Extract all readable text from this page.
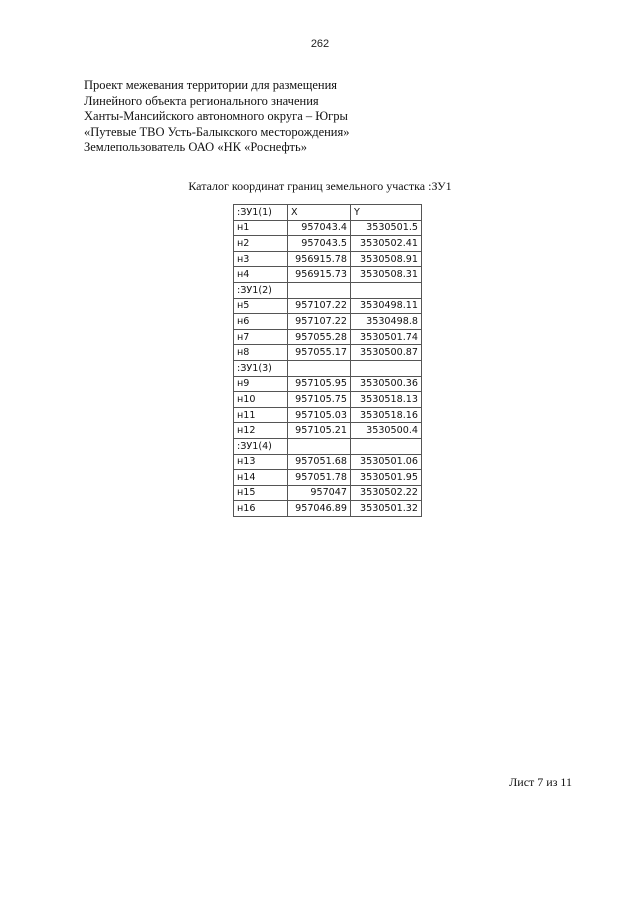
262
Проект межевания территории для размещения
Линейного объекта регионального значения
Ханты-Мансийского автономного округа – Югры
«Путевые ТВО Усть-Балыкского месторождения»
Землепользователь ОАО «НК «Роснефть»
Каталог координат границ земельного участка :ЗУ1
:ЗУ1(1)	X	Y
н1	957043.4	3530501.5
н2	957043.5	3530502.41
н3	956915.78	3530508.91
н4	956915.73	3530508.31
:ЗУ1(2)		
н5	957107.22	3530498.11
н6	957107.22	3530498.8
н7	957055.28	3530501.74
н8	957055.17	3530500.87
:ЗУ1(3)		
н9	957105.95	3530500.36
н10	957105.75	3530518.13
н11	957105.03	3530518.16
н12	957105.21	3530500.4
:ЗУ1(4)		
н13	957051.68	3530501.06
н14	957051.78	3530501.95
н15	957047	3530502.22
н16	957046.89	3530501.32
Лист 7 из 11
